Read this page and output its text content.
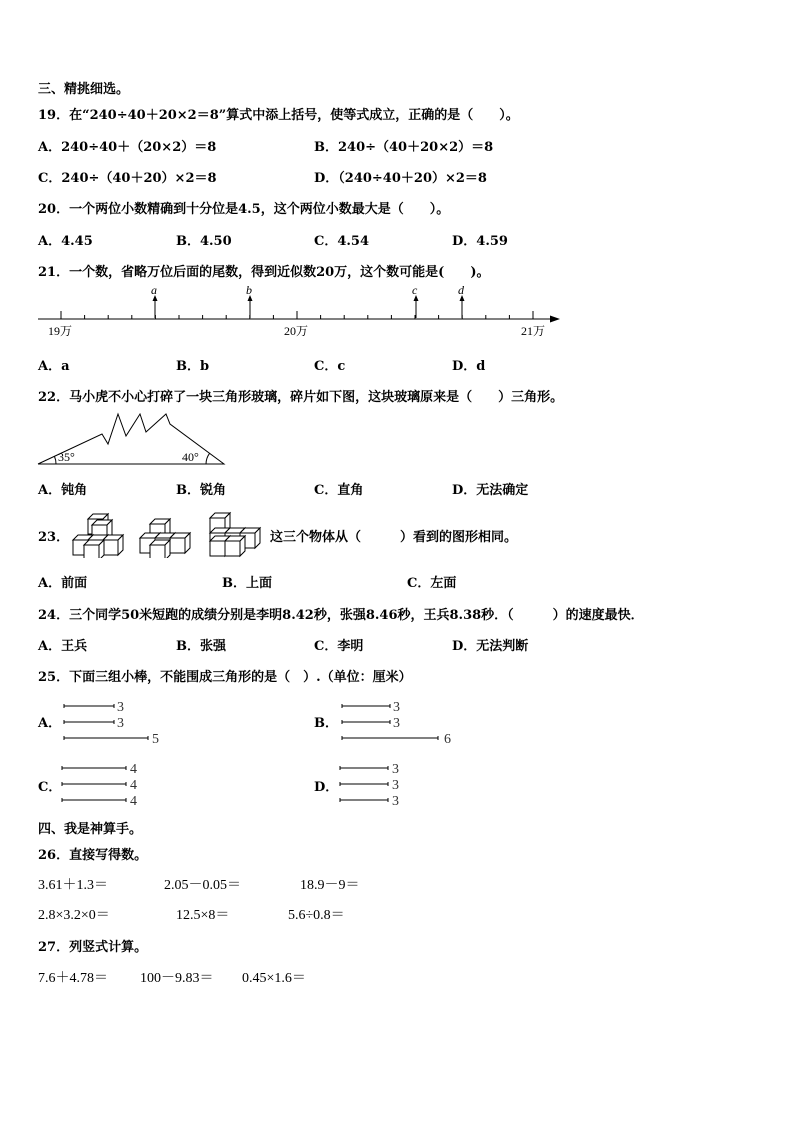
三、精挑细选。
19．在“240÷40＋20×2＝8”算式中添上括号，使等式成立，正确的是（　　）。
A．240÷40＋（20×2）＝8	B．240÷（40＋20×2）＝8
C．240÷（40＋20）×2＝8	D．（240÷40＋20）×2＝8
20．一个两位小数精确到十分位是4.5，这个两位小数最大是（　　）。
A．4.45	B．4.50	C．4.54	D．4.59
21．一个数，省略万位后面的尾数，得到近似数20万，这个数可能是(　　)。
19万	20万	21万
a	b	c	d
A．a	B．b	C．c	D．d
22．马小虎不小心打碎了一块三角形玻璃，碎片如下图，这块玻璃原来是（　　）三角形。
35°	40°
A．钝角	B．锐角	C．直角	D．无法确定
23．	这三个物体从（　　　）看到的图形相同。
A．前面	B．上面	C．左面
24．三个同学50米短跑的成绩分别是李明8.42秒，张强8.46秒，王兵8.38秒．（　　　）的速度最快．
A．王兵	B．张强	C．李明	D．无法判断
25．下面三组小棒，不能围成三角形的是（　）.（单位：厘米）
A．
3
3
5
B．
3
3
6
C．
4
4
4
D．
3
3
3
四、我是神算手。
26．直接写得数。
3.61＋1.3＝	2.05－0.05＝	18.9－9＝
2.8×3.2×0＝	12.5×8＝	5.6÷0.8＝
27．列竖式计算。
7.6＋4.78＝ 100－9.83＝ 0.45×1.6＝
